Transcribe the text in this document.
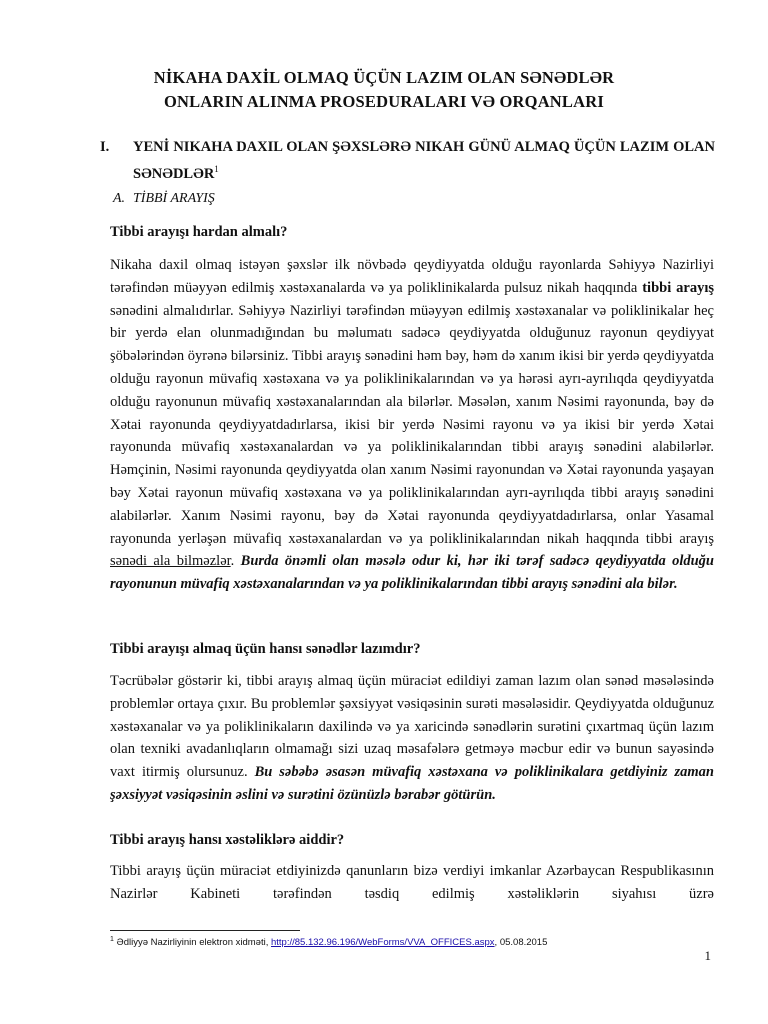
NİKAHA DAXİL OLMAQ ÜÇÜN LAZIM OLAN SƏNƏDLƏR
ONLARIN ALINMA PROSEDURALARI VƏ ORQANLARI
I. YENİ NIKAHA DAXIL OLAN ŞƏXSLƏRƏ NIKAH GÜNÜ ALMAQ ÜÇÜN LAZIM OLAN SƏNƏDLƏR$^1$
A. TİBBİ ARAYIŞ
Tibbi arayışı hardan almalı?
Nikaha daxil olmaq istəyən şəxslər ilk növbədə qeydiyyatda olduğu rayonlarda Səhiyyə Nazirliyi tərəfindən müəyyən edilmiş xəstəxanalarda və ya poliklinikalarda pulsuz nikah haqqında tibbi arayış sənədini almalıdırlar. Səhiyyə Nazirliyi tərəfindən müəyyən edilmiş xəstəxanalar və poliklinikalar heç bir yerdə elan olunmadığından bu məlumatı sadəcə qeydiyyatda olduğunuz rayonun qeydiyyat şöbələrindən öyrənə bilərsiniz. Tibbi arayış sənədini həm bəy, həm də xanım ikisi bir yerdə qeydiyyatda olduğu rayonun müvafiq xəstəxana və ya poliklinikalarından və ya hərəsi ayrı-ayrılıqda qeydiyyatda olduğu rayonunun müvafiq xəstəxanalarından ala bilərlər. Məsələn, xanım Nəsimi rayonunda, bəy də Xətai rayonunda qeydiyyatdadırlarsa, ikisi bir yerdə Nəsimi rayonu və ya ikisi bir yerdə Xətai rayonunda müvafiq xəstəxanalardan və ya poliklinikalarından tibbi arayış sənədini alabilərlər. Həmçinin, Nəsimi rayonunda qeydiyyatda olan xanım Nəsimi rayonundan və Xətai rayonunda yaşayan bəy Xətai rayonun müvafiq xəstəxana və ya poliklinikalarından ayrı-ayrılıqda tibbi arayış sənədini alabilərlər. Xanım Nəsimi rayonu, bəy də Xətai rayonunda qeydiyyatdadırlarsa, onlar Yasamal rayonunda yerləşən müvafiq xəstəxanalardan və ya poliklinikalarından nikah haqqında tibbi arayış sənədi ala bilməzlər. Burda önəmli olan məsələ odur ki, hər iki tərəf sadəcə qeydiyyatda olduğu rayonunun müvafiq xəstəxanalarından və ya poliklinikalarından tibbi arayış sənədini ala bilər.
Tibbi arayışı almaq üçün hansı sənədlər lazımdır?
Təcrübələr göstərir ki, tibbi arayış almaq üçün müraciət edildiyi zaman lazım olan sənəd məsələsində problemlər ortaya çıxır. Bu problemlər şəxsiyyət vəsiqəsinin surəti məsələsidir. Qeydiyyatda olduğunuz xəstəxanalar və ya poliklinikaların daxilində və ya xaricində sənədlərin surətini çıxartmaq üçün lazım olan texniki avadanlıqların olmamağı sizi uzaq məsafələrə getməyə məcbur edir və bunun sayəsində vaxt itirmiş olursunuz. Bu səbəbə əsasən müvafiq xəstəxana və poliklinikalara getdiyiniz zaman şəxsiyyət vəsiqəsinin əslini və surətini özünüzlə bərabər götürün.
Tibbi arayış hansı xəstəliklərə aiddir?
Tibbi arayış üçün müraciət etdiyinizdə qanunların bizə verdiyi imkanlar Azərbaycan Respublikasının Nazirlər Kabineti tərəfindən təsdiq edilmiş xəstəliklərin siyahısı üzrə
$^1$ Ədliyyə Nazirliyinin elektron xidməti, http://85.132.96.196/WebForms/VVA_OFFICES.aspx, 05.08.2015
1
